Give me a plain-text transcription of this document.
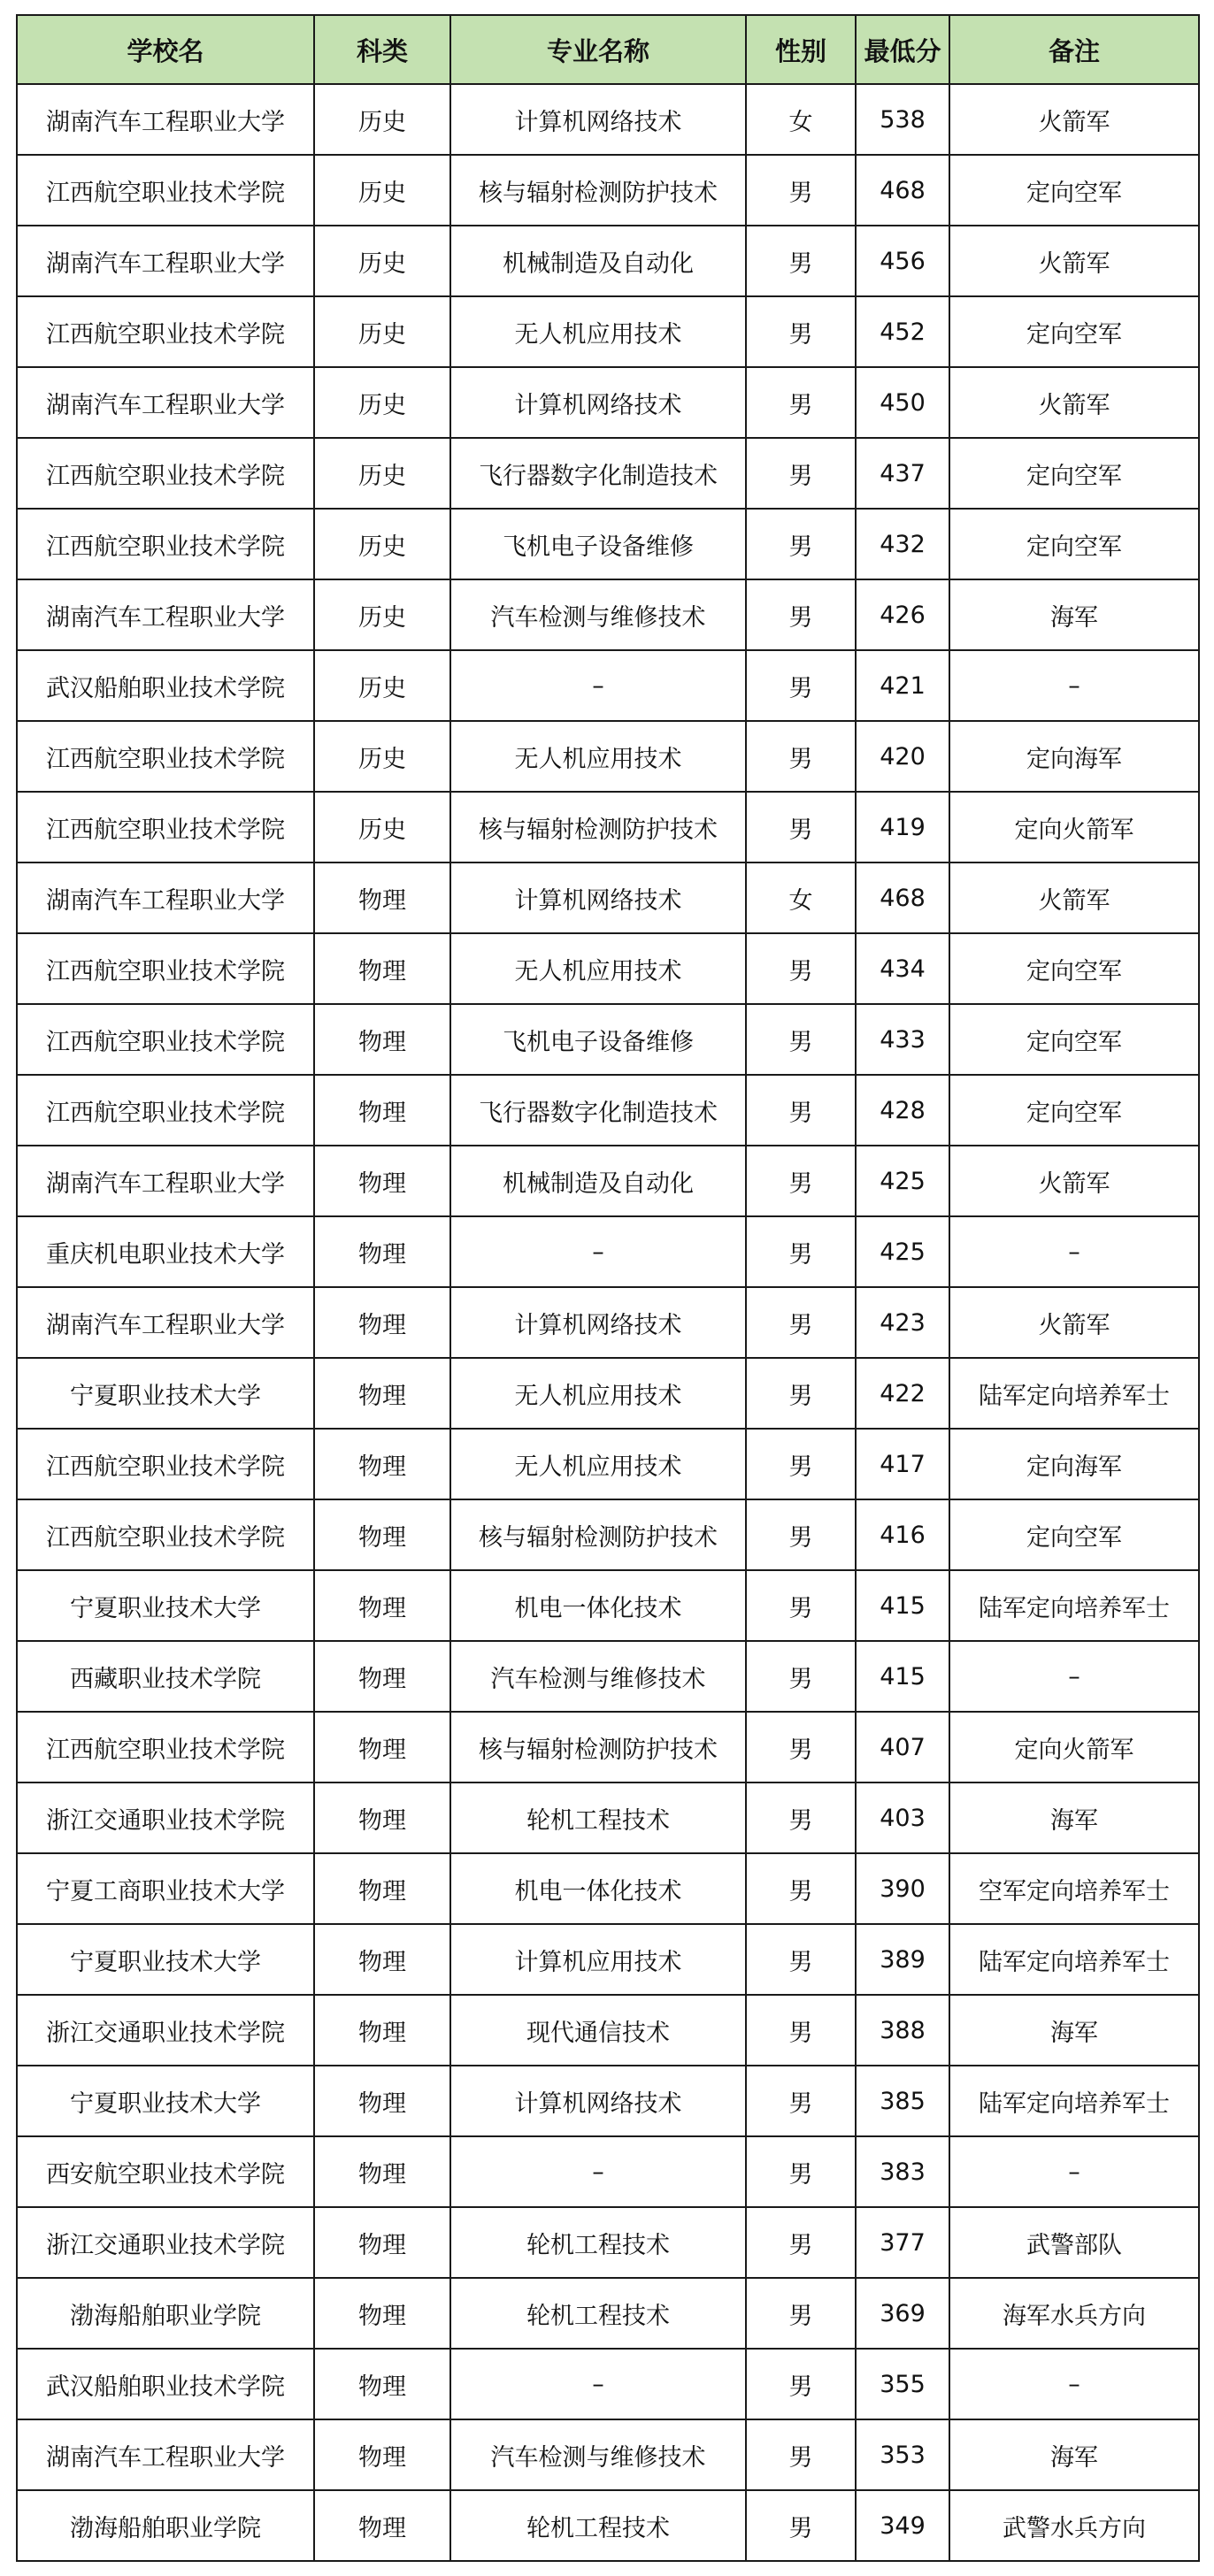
学校名	科类	专业名称	性别	最低分	备注
湖南汽车工程职业大学	历史	计算机网络技术	女	538	火箭军
江西航空职业技术学院	历史	核与辐射检测防护技术	男	468	定向空军
湖南汽车工程职业大学	历史	机械制造及自动化	男	456	火箭军
江西航空职业技术学院	历史	无人机应用技术	男	452	定向空军
湖南汽车工程职业大学	历史	计算机网络技术	男	450	火箭军
江西航空职业技术学院	历史	飞行器数字化制造技术	男	437	定向空军
江西航空职业技术学院	历史	飞机电子设备维修	男	432	定向空军
湖南汽车工程职业大学	历史	汽车检测与维修技术	男	426	海军
武汉船舶职业技术学院	历史	–	男	421	–
江西航空职业技术学院	历史	无人机应用技术	男	420	定向海军
江西航空职业技术学院	历史	核与辐射检测防护技术	男	419	定向火箭军
湖南汽车工程职业大学	物理	计算机网络技术	女	468	火箭军
江西航空职业技术学院	物理	无人机应用技术	男	434	定向空军
江西航空职业技术学院	物理	飞机电子设备维修	男	433	定向空军
江西航空职业技术学院	物理	飞行器数字化制造技术	男	428	定向空军
湖南汽车工程职业大学	物理	机械制造及自动化	男	425	火箭军
重庆机电职业技术大学	物理	–	男	425	–
湖南汽车工程职业大学	物理	计算机网络技术	男	423	火箭军
宁夏职业技术大学	物理	无人机应用技术	男	422	陆军定向培养军士
江西航空职业技术学院	物理	无人机应用技术	男	417	定向海军
江西航空职业技术学院	物理	核与辐射检测防护技术	男	416	定向空军
宁夏职业技术大学	物理	机电一体化技术	男	415	陆军定向培养军士
西藏职业技术学院	物理	汽车检测与维修技术	男	415	–
江西航空职业技术学院	物理	核与辐射检测防护技术	男	407	定向火箭军
浙江交通职业技术学院	物理	轮机工程技术	男	403	海军
宁夏工商职业技术大学	物理	机电一体化技术	男	390	空军定向培养军士
宁夏职业技术大学	物理	计算机应用技术	男	389	陆军定向培养军士
浙江交通职业技术学院	物理	现代通信技术	男	388	海军
宁夏职业技术大学	物理	计算机网络技术	男	385	陆军定向培养军士
西安航空职业技术学院	物理	–	男	383	–
浙江交通职业技术学院	物理	轮机工程技术	男	377	武警部队
渤海船舶职业学院	物理	轮机工程技术	男	369	海军水兵方向
武汉船舶职业技术学院	物理	–	男	355	–
湖南汽车工程职业大学	物理	汽车检测与维修技术	男	353	海军
渤海船舶职业学院	物理	轮机工程技术	男	349	武警水兵方向
